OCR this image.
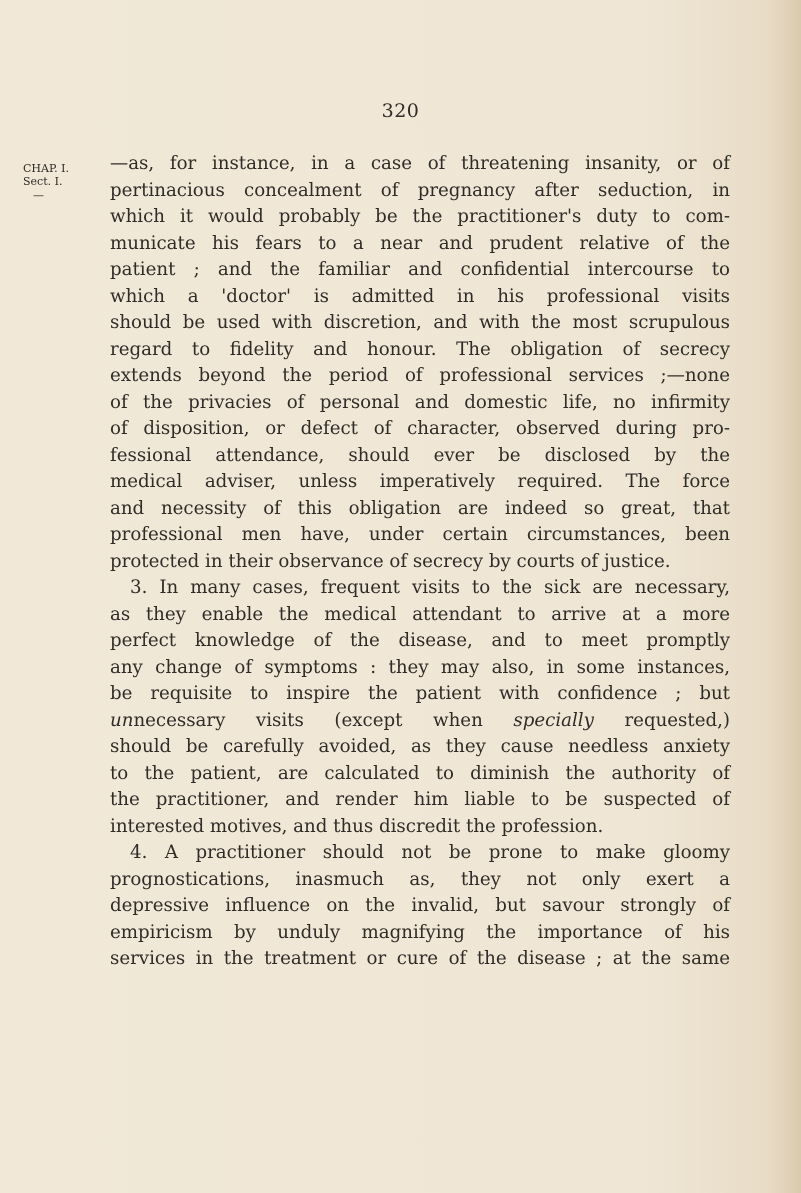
320
CHAP. I.
Sect. I.
—
—as, for instance, in a case of threatening insanity, or of
pertinacious concealment of pregnancy after seduction, in
which it would probably be the practitioner's duty to com-
municate his fears to a near and prudent relative of the
patient ; and the familiar and confidential intercourse to
which a 'doctor' is admitted in his professional visits
should be used with discretion, and with the most scrupulous
regard to fidelity and honour. The obligation of secrecy
extends beyond the period of professional services ;—none
of the privacies of personal and domestic life, no infirmity
of disposition, or defect of character, observed during pro-
fessional attendance, should ever be disclosed by the
medical adviser, unless imperatively required. The force
and necessity of this obligation are indeed so great, that
professional men have, under certain circumstances, been
protected in their observance of secrecy by courts of justice.
3. In many cases, frequent visits to the sick are necessary,
as they enable the medical attendant to arrive at a more
perfect knowledge of the disease, and to meet promptly
any change of symptoms : they may also, in some instances,
be requisite to inspire the patient with confidence ; but
unnecessary visits (except when specially requested,)
should be carefully avoided, as they cause needless anxiety
to the patient, are calculated to diminish the authority of
the practitioner, and render him liable to be suspected of
interested motives, and thus discredit the profession.
4. A practitioner should not be prone to make gloomy
prognostications, inasmuch as, they not only exert a
depressive influence on the invalid, but savour strongly of
empiricism by unduly magnifying the importance of his
services in the treatment or cure of the disease ; at the same
